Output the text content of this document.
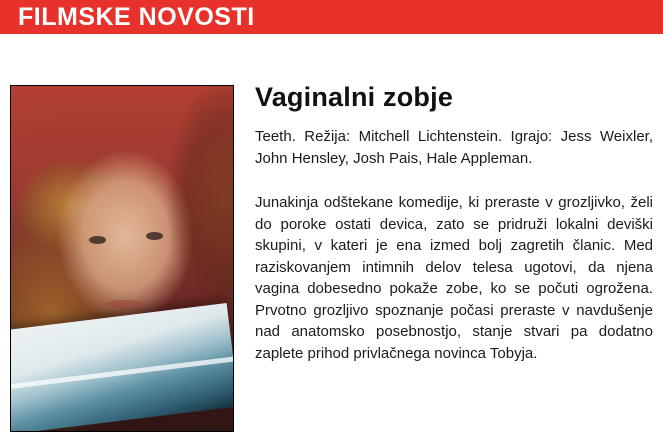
FILMSKE NOVOSTI
Vaginalni zobje

Teeth. Režija: Mitchell Lichtenstein. Igrajo: Jess Weixler, John Hensley, Josh Pais, Hale Appleman.

Junakinja odštekane komedije, ki preraste v grozljivko, želi do poroke ostati devica, zato se pridruži lokalni deviški skupini, v kateri je ena izmed bolj zagretih članic. Med raziskovanjem intimnih delov telesa ugotovi, da njena vagina dobesedno pokaže zobe, ko se počuti ogrožena. Prvotno grozljivo spoznanje počasi preraste v navdušenje nad anatomsko posebnostjo, stanje stvari pa dodatno zaplete prihod privlačnega novinca Tobyja.
